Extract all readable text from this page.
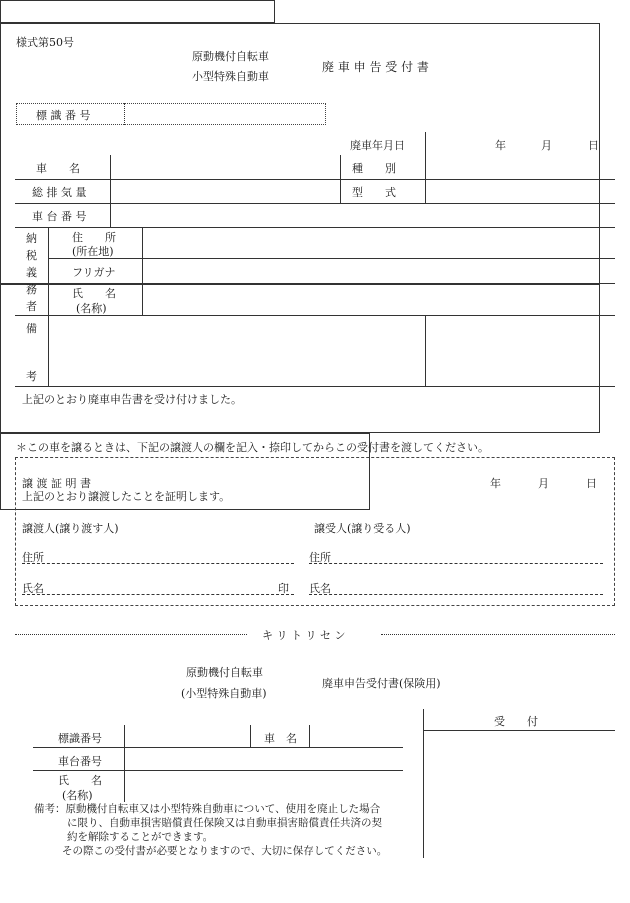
様式第50号
原動機付自転車
小型特殊自動車
廃 車 申 告 受 付 書
標 識 番 号
廃車年月日	年	月	日
車　　名	種　　別
総 排 気 量	型　　式
車 台 番 号
納
税
義
務
者
住　　所
(所在地)
フリガナ
氏　　名
(名称)
備
考
上記のとおり廃車申告書を受け付けました。
＊この車を譲るときは、下記の譲渡人の欄を記入・捺印してからこの受付書を渡してください。
譲 渡 証 明 書	年	月	日
上記のとおり譲渡したことを証明します。
譲渡人(譲り渡す人)	譲受人(譲り受る人)
住所	住所
氏名	印 氏名
キ リ ト リ セ ン
原動機付自転車
(小型特殊自動車)
廃車申告受付書(保険用)
受　　付
標識番号	車　名
車台番号
氏　　名
(名称)
備考：原動機付自転車又は小型特殊自動車について、使用を廃止した場合
に限り、自動車損害賠償責任保険又は自動車損害賠償責任共済の契
約を解除することができます。
その際この受付書が必要となりますので、大切に保存してください。
